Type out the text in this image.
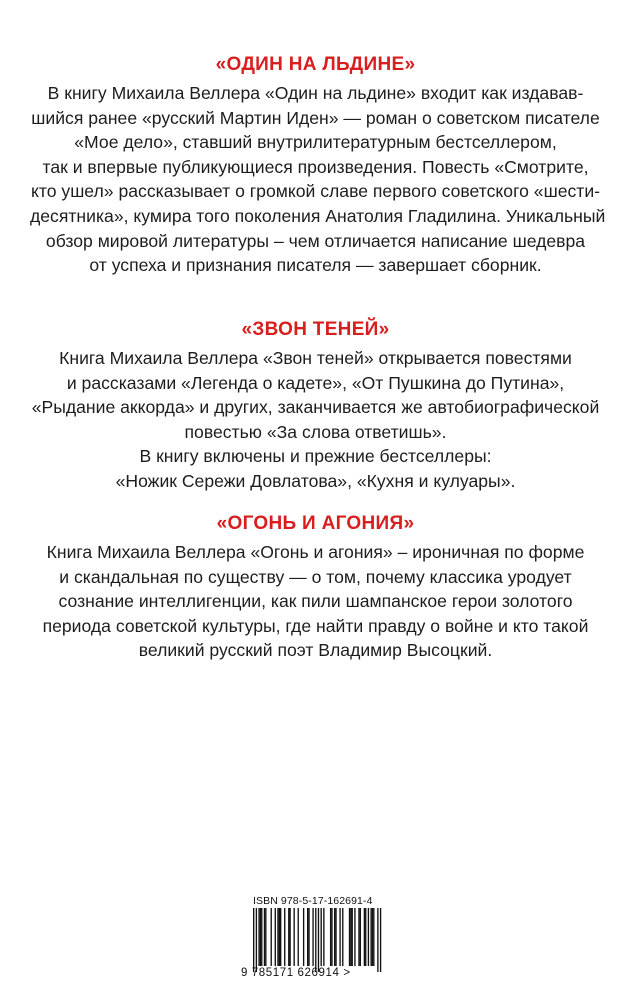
«ОДИН НА ЛЬДИНЕ»
В книгу Михаила Веллера «Один на льдине» входит как издавав-
шийся ранее «русский Мартин Иден» — роман о советском писателе
«Мое дело», ставший внутрилитературным бестселлером,
так и впервые публикующиеся произведения. Повесть «Смотрите,
кто ушел» рассказывает о громкой славе первого советского «шести-
десятника», кумира того поколения Анатолия Гладилина. Уникальный
обзор мировой литературы – чем отличается написание шедевра
от успеха и признания писателя — завершает сборник.
«ЗВОН ТЕНЕЙ»
Книга Михаила Веллера «Звон теней» открывается повестями
и рассказами «Легенда о кадете», «От Пушкина до Путина»,
«Рыдание аккорда» и других, заканчивается же автобиографической
повестью «За слова ответишь».
В книгу включены и прежние бестселлеры:
«Ножик Сережи Довлатова», «Кухня и кулуары».
«ОГОНЬ И АГОНИЯ»
Книга Михаила Веллера «Огонь и агония» – ироничная по форме
и скандальная по существу — о том, почему классика уродует
сознание интеллигенции, как пили шампанское герои золотого
периода советской культуры, где найти правду о войне и кто такой
великий русский поэт Владимир Высоцкий.
ISBN 978-5-17-162691-4
9 785171 626914 >
